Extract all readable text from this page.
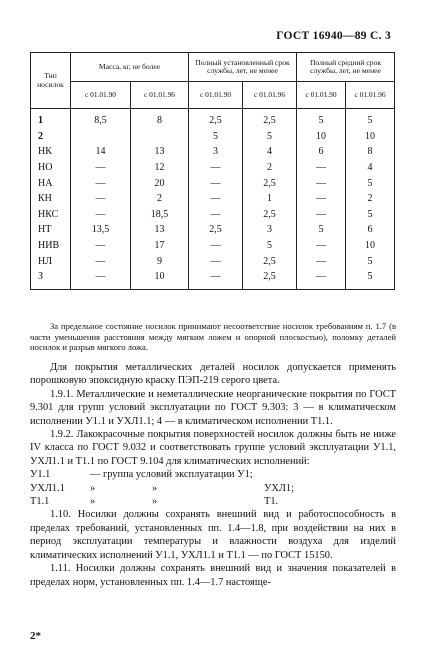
ГОСТ 16940—89 С. 3
Тип носилок	Масса, кг, не более		Полный установленный срок службы, лет, не менее		Полный средний срок службы, лет, не менее	
	с 01.01.90	с 01.01.96	с 01.01.90	с 01.01.96	с 01.01.90	с 01.01.96
1	8,5	8	2,5	2,5	5	5
2			5	5	10	10
НК	14	13	3	4	6	8
НО	—	12	—	2	—	4
НА	—	20	—	2,5	—	5
КН	—	2	—	1	—	2
НКС	—	18,5	—	2,5	—	5
НТ	13,5	13	2,5	3	5	6
НИВ	—	17	—	5	—	10
НЛ	—	9	—	2,5	—	5
З	—	10	—	2,5	—	5
За предельное состояние носилок принимают несоответствие носилок требованиям п. 1.7 (в части уменьшения расстояния между мягким ложем и опорной плоскостью), поломку деталей носилок и разрыв мягкого ложа.

Для покрытия металлических деталей носилок допускается применять порошковую эпоксидную краску ПЭП-219 серого цвета.

1.9.1. Металлические и неметаллические неорганические покрытия по ГОСТ 9.301 для групп условий эксплуатации по ГОСТ 9.303: 3 — в климатическом исполнении У1.1 и УХЛ1.1; 4 — в климатическом исполнении Т1.1.

1.9.2. Лакокрасочные покрытия поверхностей носилок должны быть не ниже IV класса по ГОСТ 9.032 и соответствовать группе условий эксплуатации У1.1, УХЛ1.1 и Т1.1 по ГОСТ 9.104 для климатических исполнений:

У1.1	— группа условий эксплуатации У1;
УХЛ1.1	»	»	УХЛ1;
Т1.1	»	»	Т1.

1.10. Носилки должны сохранять внешний вид и работоспособность в пределах требований, установленных пп. 1.4—1.8, при воздействии на них в период эксплуатации температуры и влажности воздуха для изделий климатических исполнений У1.1, УХЛ1.1 и Т1.1 — по ГОСТ 15150.

1.11. Носилки должны сохранять внешний вид и значения показателей в пределах норм, установленных пп. 1.4—1.7 настояще-

2*
